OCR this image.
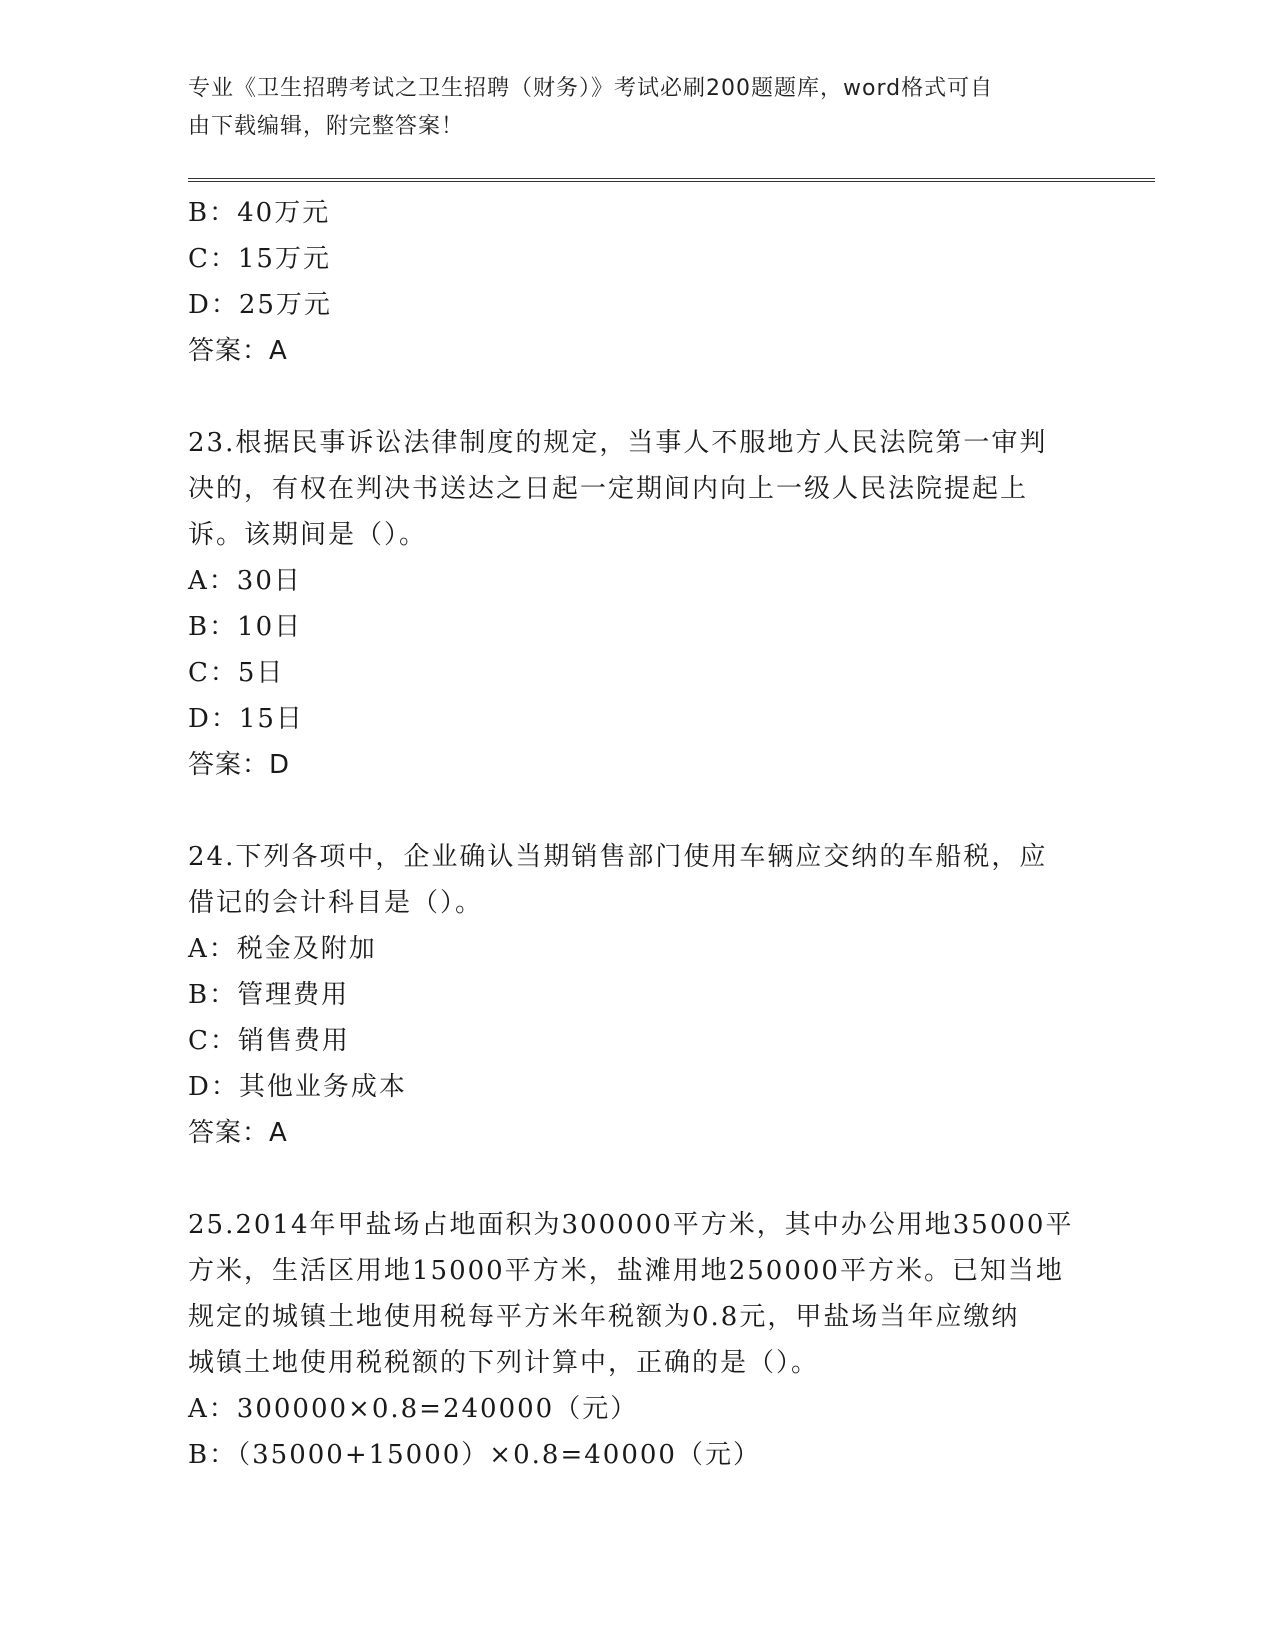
专业《卫生招聘考试之卫生招聘（财务）》考试必刷200题题库，word格式可自
由下载编辑，附完整答案！
B：40万元
C：15万元
D：25万元
答案：A
23.根据民事诉讼法律制度的规定，当事人不服地方人民法院第一审判
决的，有权在判决书送达之日起一定期间内向上一级人民法院提起上
诉。该期间是（）。
A：30日
B：10日
C：5日
D：15日
答案：D
24.下列各项中，企业确认当期销售部门使用车辆应交纳的车船税，应
借记的会计科目是（）。
A：税金及附加
B：管理费用
C：销售费用
D：其他业务成本
答案：A
25.2014年甲盐场占地面积为300000平方米，其中办公用地35000平
方米，生活区用地15000平方米，盐滩用地250000平方米。已知当地
规定的城镇土地使用税每平方米年税额为0.8元，甲盐场当年应缴纳
城镇土地使用税税额的下列计算中，正确的是（）。
A：300000×0.8=240000（元）
B：（35000+15000）×0.8=40000（元）
